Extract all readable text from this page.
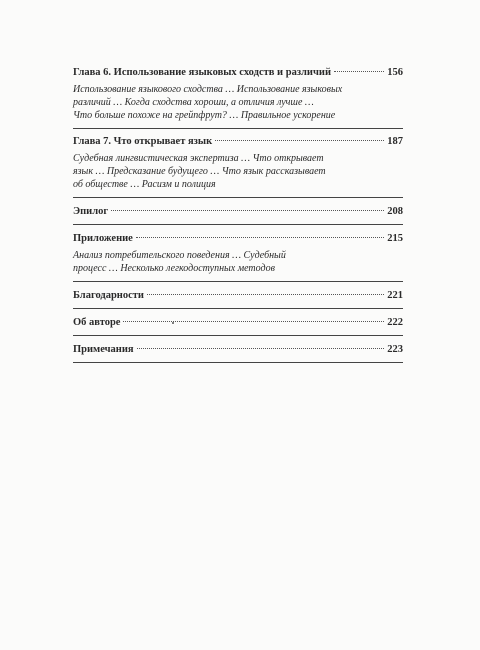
Глава 6. Использование языковых сходств и различий	156
Использование языкового сходства … Использование языковых
различий … Когда сходства хороши, а отличия лучше …
Что больше похоже на грейпфрут? … Правильное ускорение
Глава 7. Что открывает язык	187
Судебная лингвистическая экспертиза … Что открывает
язык … Предсказание будущего … Что язык рассказывает
об обществе … Расизм и полиция
Эпилог	208
Приложение	215
Анализ потребительского поведения … Судебный
процесс … Несколько легкодоступных методов
Благодарности	221
Об авторе	222
Примечания	223
